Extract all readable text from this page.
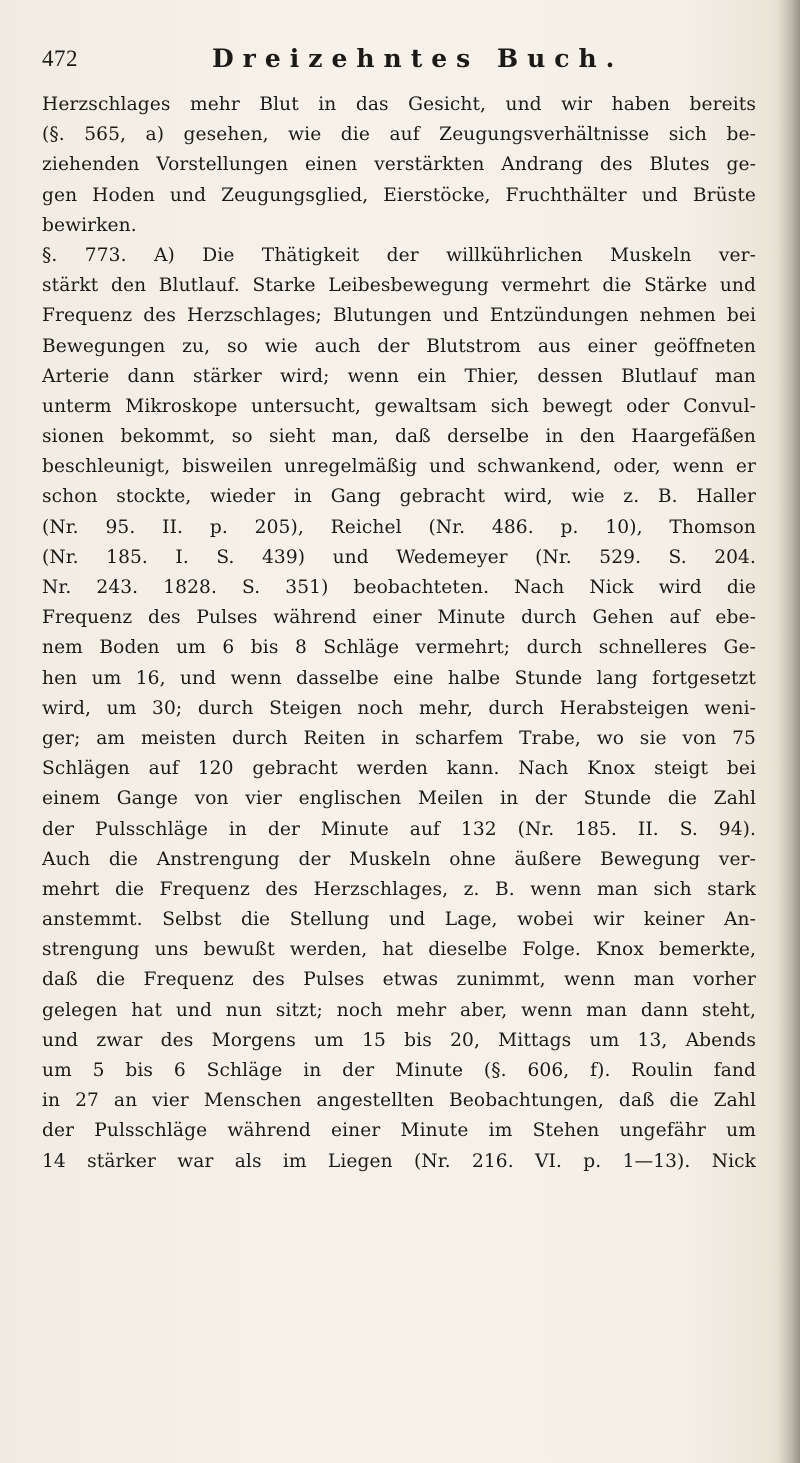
472	Dreizehntes Buch.
Herzschlages mehr Blut in das Gesicht, und wir haben bereits
(§. 565, a) gesehen, wie die auf Zeugungsverhältnisse sich be-
ziehenden Vorstellungen einen verstärkten Andrang des Blutes ge-
gen Hoden und Zeugungsglied, Eierstöcke, Fruchthälter und Brüste
bewirken.
§. 773. A) Die Thätigkeit der willkührlichen Muskeln ver-
stärkt den Blutlauf. Starke Leibesbewegung vermehrt die Stärke und
Frequenz des Herzschlages; Blutungen und Entzündungen nehmen bei
Bewegungen zu, so wie auch der Blutstrom aus einer geöffneten
Arterie dann stärker wird; wenn ein Thier, dessen Blutlauf man
unterm Mikroskope untersucht, gewaltsam sich bewegt oder Convul-
sionen bekommt, so sieht man, daß derselbe in den Haargefäßen
beschleunigt, bisweilen unregelmäßig und schwankend, oder, wenn er
schon stockte, wieder in Gang gebracht wird, wie z. B. Haller
(Nr. 95. II. p. 205), Reichel (Nr. 486. p. 10), Thomson
(Nr. 185. I. S. 439) und Wedemeyer (Nr. 529. S. 204.
Nr. 243. 1828. S. 351) beobachteten. Nach Nick wird die
Frequenz des Pulses während einer Minute durch Gehen auf ebe-
nem Boden um 6 bis 8 Schläge vermehrt; durch schnelleres Ge-
hen um 16, und wenn dasselbe eine halbe Stunde lang fortgesetzt
wird, um 30; durch Steigen noch mehr, durch Herabsteigen weni-
ger; am meisten durch Reiten in scharfem Trabe, wo sie von 75
Schlägen auf 120 gebracht werden kann. Nach Knox steigt bei
einem Gange von vier englischen Meilen in der Stunde die Zahl
der Pulsschläge in der Minute auf 132 (Nr. 185. II. S. 94).
Auch die Anstrengung der Muskeln ohne äußere Bewegung ver-
mehrt die Frequenz des Herzschlages, z. B. wenn man sich stark
anstemmt. Selbst die Stellung und Lage, wobei wir keiner An-
strengung uns bewußt werden, hat dieselbe Folge. Knox bemerkte,
daß die Frequenz des Pulses etwas zunimmt, wenn man vorher
gelegen hat und nun sitzt; noch mehr aber, wenn man dann steht,
und zwar des Morgens um 15 bis 20, Mittags um 13, Abends
um 5 bis 6 Schläge in der Minute (§. 606, f). Roulin fand
in 27 an vier Menschen angestellten Beobachtungen, daß die Zahl
der Pulsschläge während einer Minute im Stehen ungefähr um
14 stärker war als im Liegen (Nr. 216. VI. p. 1—13). Nick
